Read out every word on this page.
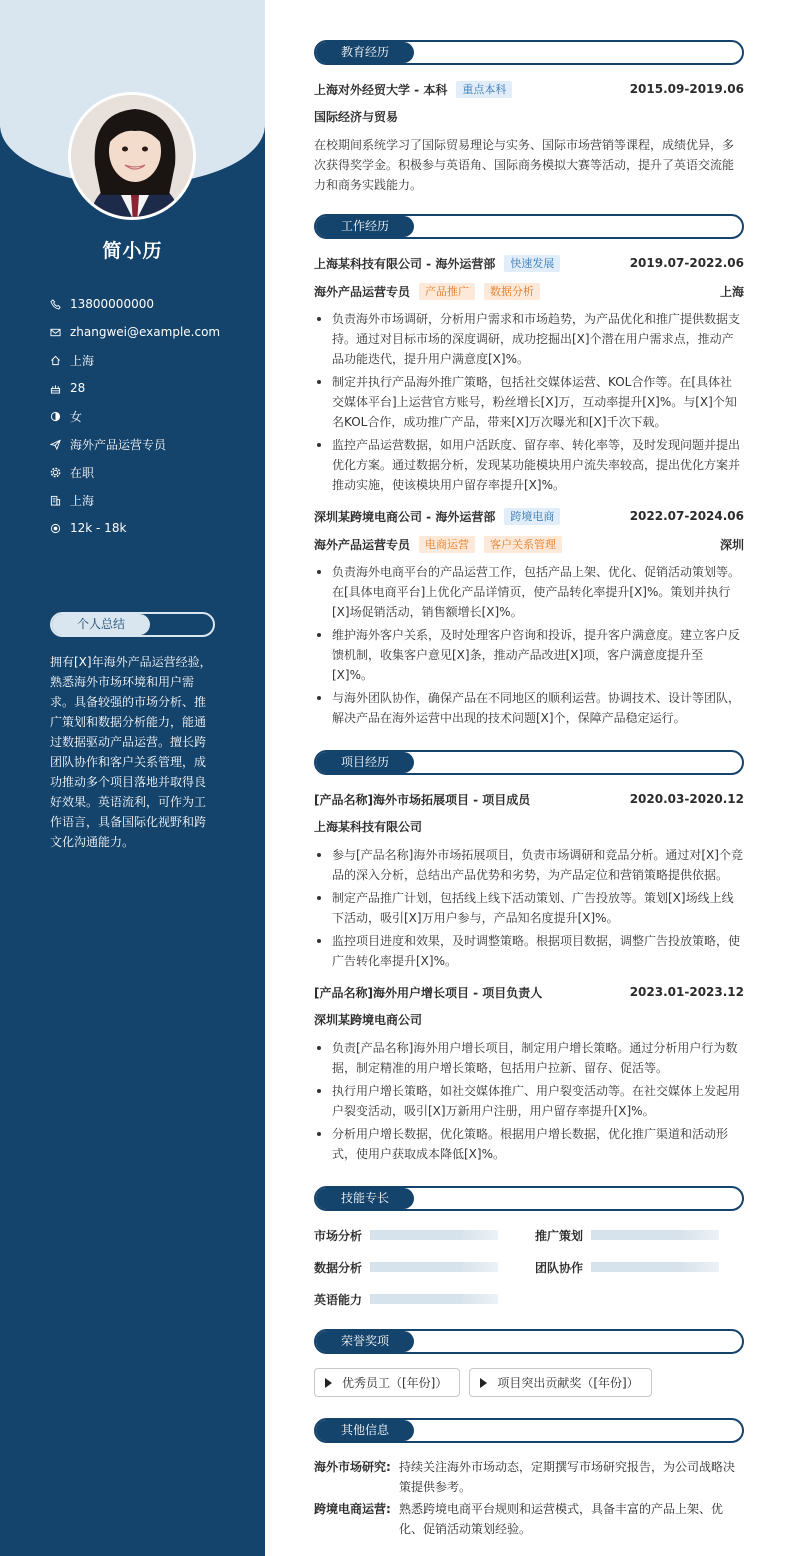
简小历
13800000000
zhangwei@example.com
上海
28
女
海外产品运营专员
在职
上海
12k - 18k
个人总结
拥有[X]年海外产品运营经验，熟悉海外市场环境和用户需求。具备较强的市场分析、推广策划和数据分析能力，能通过数据驱动产品运营。擅长跨团队协作和客户关系管理，成功推动多个项目落地并取得良好效果。英语流利，可作为工作语言，具备国际化视野和跨文化沟通能力。
教育经历
上海对外经贸大学 - 本科	重点本科	2015.09-2019.06
国际经济与贸易
在校期间系统学习了国际贸易理论与实务、国际市场营销等课程，成绩优异，多次获得奖学金。积极参与英语角、国际商务模拟大赛等活动，提升了英语交流能力和商务实践能力。
工作经历
上海某科技有限公司 - 海外运营部	快速发展	2019.07-2022.06
海外产品运营专员	产品推广	数据分析	上海
负责海外市场调研，分析用户需求和市场趋势，为产品优化和推广提供数据支持。通过对目标市场的深度调研，成功挖掘出[X]个潜在用户需求点，推动产品功能迭代，提升用户满意度[X]%。
制定并执行产品海外推广策略，包括社交媒体运营、KOL合作等。在[具体社交媒体平台]上运营官方账号，粉丝增长[X]万，互动率提升[X]%。与[X]个知名KOL合作，成功推广产品，带来[X]万次曝光和[X]千次下载。
监控产品运营数据，如用户活跃度、留存率、转化率等，及时发现问题并提出优化方案。通过数据分析，发现某功能模块用户流失率较高，提出优化方案并推动实施，使该模块用户留存率提升[X]%。
深圳某跨境电商公司 - 海外运营部	跨境电商	2022.07-2024.06
海外产品运营专员	电商运营	客户关系管理	深圳
负责海外电商平台的产品运营工作，包括产品上架、优化、促销活动策划等。在[具体电商平台]上优化产品详情页，使产品转化率提升[X]%。策划并执行[X]场促销活动，销售额增长[X]%。
维护海外客户关系，及时处理客户咨询和投诉，提升客户满意度。建立客户反馈机制，收集客户意见[X]条，推动产品改进[X]项，客户满意度提升至[X]%。
与海外团队协作，确保产品在不同地区的顺利运营。协调技术、设计等团队，解决产品在海外运营中出现的技术问题[X]个，保障产品稳定运行。
项目经历
[产品名称]海外市场拓展项目 - 项目成员	2020.03-2020.12
上海某科技有限公司
参与[产品名称]海外市场拓展项目，负责市场调研和竞品分析。通过对[X]个竞品的深入分析，总结出产品优势和劣势，为产品定位和营销策略提供依据。
制定产品推广计划，包括线上线下活动策划、广告投放等。策划[X]场线上线下活动，吸引[X]万用户参与，产品知名度提升[X]%。
监控项目进度和效果，及时调整策略。根据项目数据，调整广告投放策略，使广告转化率提升[X]%。
[产品名称]海外用户增长项目 - 项目负责人	2023.01-2023.12
深圳某跨境电商公司
负责[产品名称]海外用户增长项目，制定用户增长策略。通过分析用户行为数据，制定精准的用户增长策略，包括用户拉新、留存、促活等。
执行用户增长策略，如社交媒体推广、用户裂变活动等。在社交媒体上发起用户裂变活动，吸引[X]万新用户注册，用户留存率提升[X]%。
分析用户增长数据，优化策略。根据用户增长数据，优化推广渠道和活动形式，使用户获取成本降低[X]%。
技能专长
市场分析	推广策划
数据分析	团队协作
英语能力
荣誉奖项
优秀员工（[年份]）	项目突出贡献奖（[年份]）
其他信息
海外市场研究: 持续关注海外市场动态，定期撰写市场研究报告，为公司战略决策提供参考。
跨境电商运营: 熟悉跨境电商平台规则和运营模式，具备丰富的产品上架、优化、促销活动策划经验。
